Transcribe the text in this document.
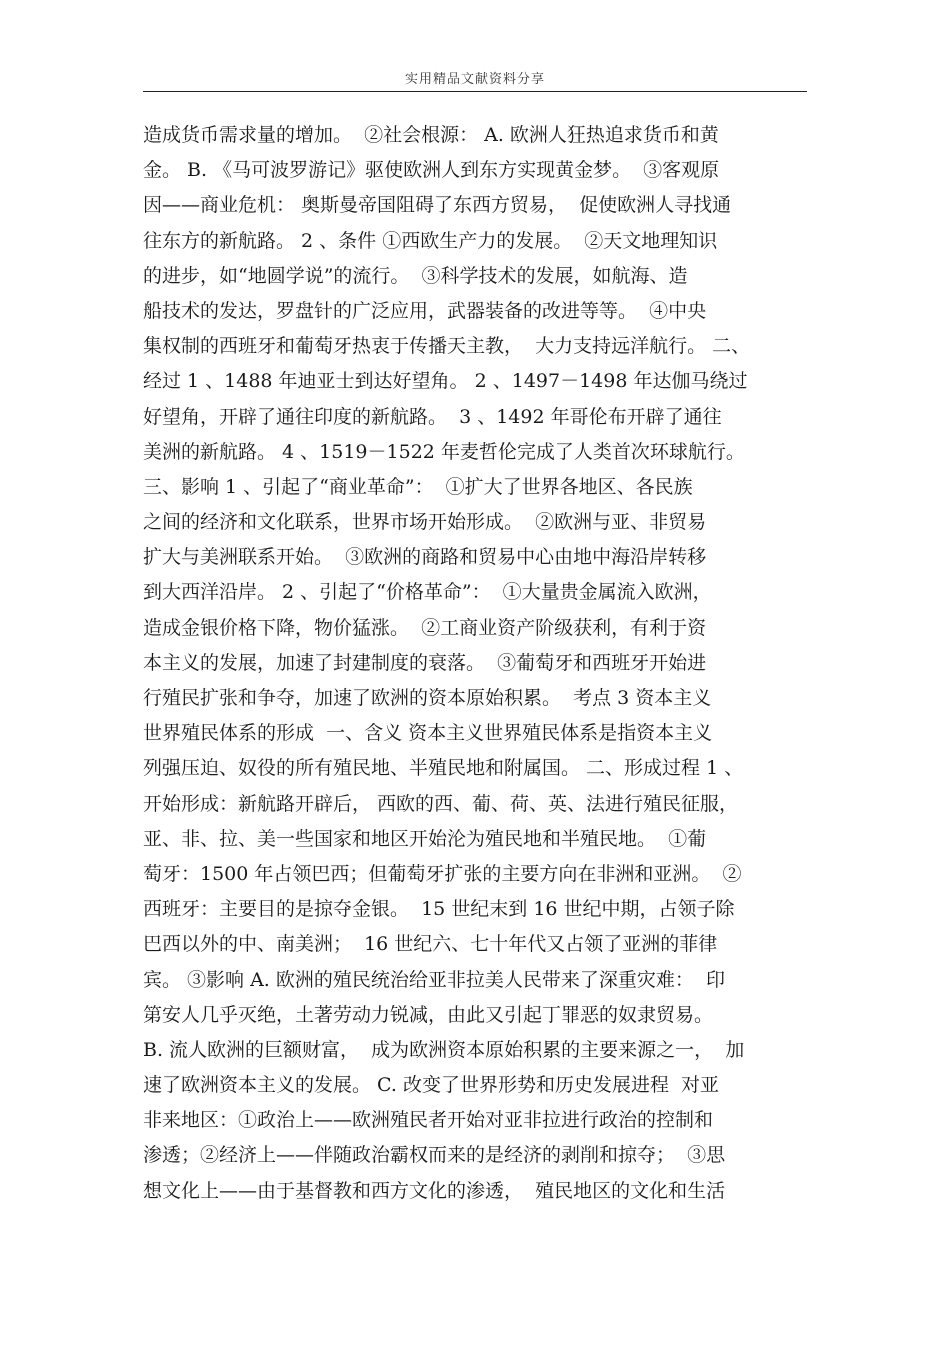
实用精品文献资料分享
造成货币需求量的增加。  ②社会根源： A. 欧洲人狂热追求货币和黄
金。 B. 《马可波罗游记》驱使欧洲人到东方实现黄金梦。  ③客观原
因——商业危机： 奥斯曼帝国阻碍了东西方贸易，  促使欧洲人寻找通
往东方的新航路。 2 、条件 ①西欧生产力的发展。  ②天文地理知识
的进步，如“地圆学说”的流行。  ③科学技术的发展，如航海、造
船技术的发达，罗盘针的广泛应用，武器装备的改进等等。  ④中央
集权制的西班牙和葡萄牙热衷于传播天主教，  大力支持远洋航行。 二、
经过 1 、1488 年迪亚士到达好望角。 2 、1497－1498 年达伽马绕过
好望角，开辟了通往印度的新航路。  3 、1492 年哥伦布开辟了通往
美洲的新航路。 4 、1519－1522 年麦哲伦完成了人类首次环球航行。
三、影响 1 、引起了“商业革命”：  ①扩大了世界各地区、各民族
之间的经济和文化联系，世界市场开始形成。  ②欧洲与亚、非贸易
扩大与美洲联系开始。  ③欧洲的商路和贸易中心由地中海沿岸转移
到大西洋沿岸。 2 、引起了“价格革命”：  ①大量贵金属流入欧洲，
造成金银价格下降，物价猛涨。  ②工商业资产阶级获利，有利于资
本主义的发展，加速了封建制度的衰落。  ③葡萄牙和西班牙开始进
行殖民扩张和争夺，加速了欧洲的资本原始积累。  考点 3 资本主义
世界殖民体系的形成  一、含义 资本主义世界殖民体系是指资本主义
列强压迫、奴役的所有殖民地、半殖民地和附属国。 二、形成过程 1 、
开始形成：新航路开辟后， 西欧的西、葡、荷、英、法进行殖民征服，
亚、非、拉、美一些国家和地区开始沦为殖民地和半殖民地。  ①葡
萄牙：1500 年占领巴西；但葡萄牙扩张的主要方向在非洲和亚洲。  ②
西班牙：主要目的是掠夺金银。  15 世纪末到 16 世纪中期，占领子除
巴西以外的中、南美洲；  16 世纪六、七十年代又占领了亚洲的菲律
宾。 ③影响 A. 欧洲的殖民统治给亚非拉美人民带来了深重灾难：  印
第安人几乎灭绝，土著劳动力锐减，由此又引起丁罪恶的奴隶贸易。
B. 流人欧洲的巨额财富，  成为欧洲资本原始积累的主要来源之一，  加
速了欧洲资本主义的发展。 C. 改变了世界形势和历史发展进程  对亚
非来地区：①政治上——欧洲殖民者开始对亚非拉进行政治的控制和
渗透；②经济上——伴随政治霸权而来的是经济的剥削和掠夺；  ③思
想文化上——由于基督教和西方文化的渗透，  殖民地区的文化和生活
